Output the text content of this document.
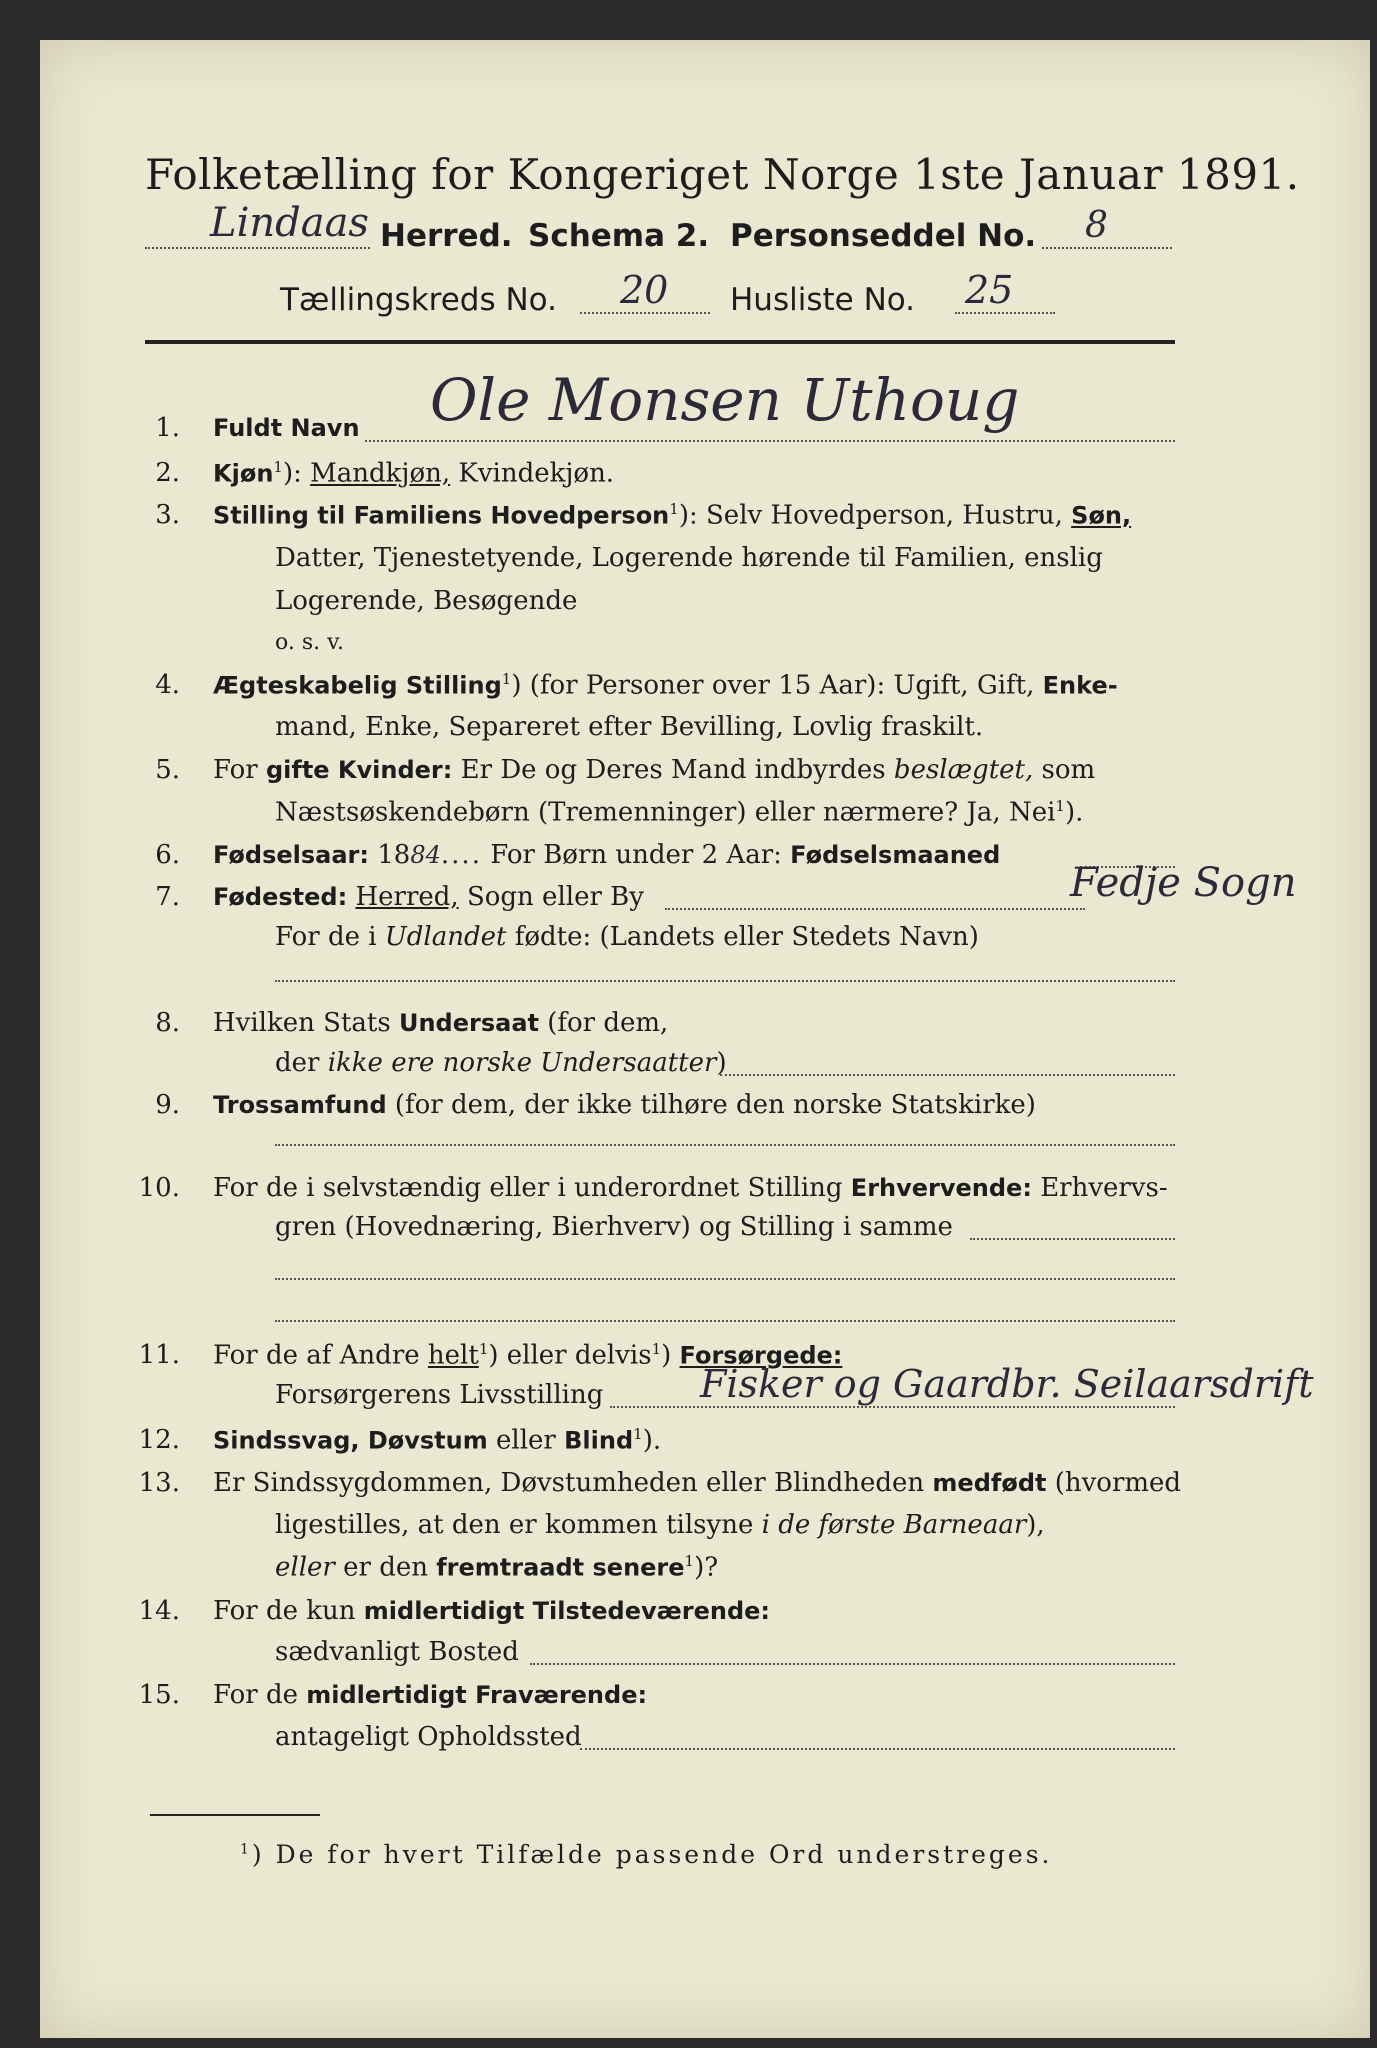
Folketælling for Kongeriget Norge 1ste Januar 1891.
Lindaas Herred. Schema 2. Personseddel No. 8
Tællingskreds No. 20 Husliste No. 25
1. Fuldt Navn Ole Monsen Uthoug
2. Kjøn$^1$): Mandkjøn, Kvindekjøn.
3. Stilling til Familiens Hovedperson$^1$): Selv Hovedperson, Hustru, Søn,
Datter, Tjenestetyende, Logerende hørende til Familien, enslig
Logerende, Besøgende
o. s. v.
4. Ægteskabelig Stilling$^1$) (for Personer over 15 Aar): Ugift, Gift, Enke-
mand, Enke, Separeret efter Bevilling, Lovlig fraskilt.
5. For gifte Kvinder: Er De og Deres Mand indbyrdes beslægtet, som
Næstsøskendebørn (Tremenninger) eller nærmere? Ja, Nei$^1$).
6. Fødselsaar: 1884.... For Børn under 2 Aar: Fødselsmaaned
7. Fødested: Herred, Sogn eller By	Fedje Sogn
For de i Udlandet fødte: (Landets eller Stedets Navn)
8. Hvilken Stats Undersaat (for dem,
der ikke ere norske Undersaatter)
9. Trossamfund (for dem, der ikke tilhøre den norske Statskirke)
10. For de i selvstændig eller i underordnet Stilling Erhvervende: Erhvervs-
gren (Hovednæring, Bierhverv) og Stilling i samme
11. For de af Andre helt$^1$) eller delvis$^1$) Forsørgede:
Forsørgerens Livsstilling	Fisker og Gaardbr. Seilaarsdrift
12. Sindssvag, Døvstum eller Blind$^1$).
13. Er Sindssygdommen, Døvstumheden eller Blindheden medfødt (hvormed
ligestilles, at den er kommen tilsyne i de første Barneaar),
eller er den fremtraadt senere$^1$)?
14. For de kun midlertidigt Tilstedeværende:
sædvanligt Bosted
15. For de midlertidigt Fraværende:
antageligt Opholdssted
$^1$) De for hvert Tilfælde passende Ord understreges.
